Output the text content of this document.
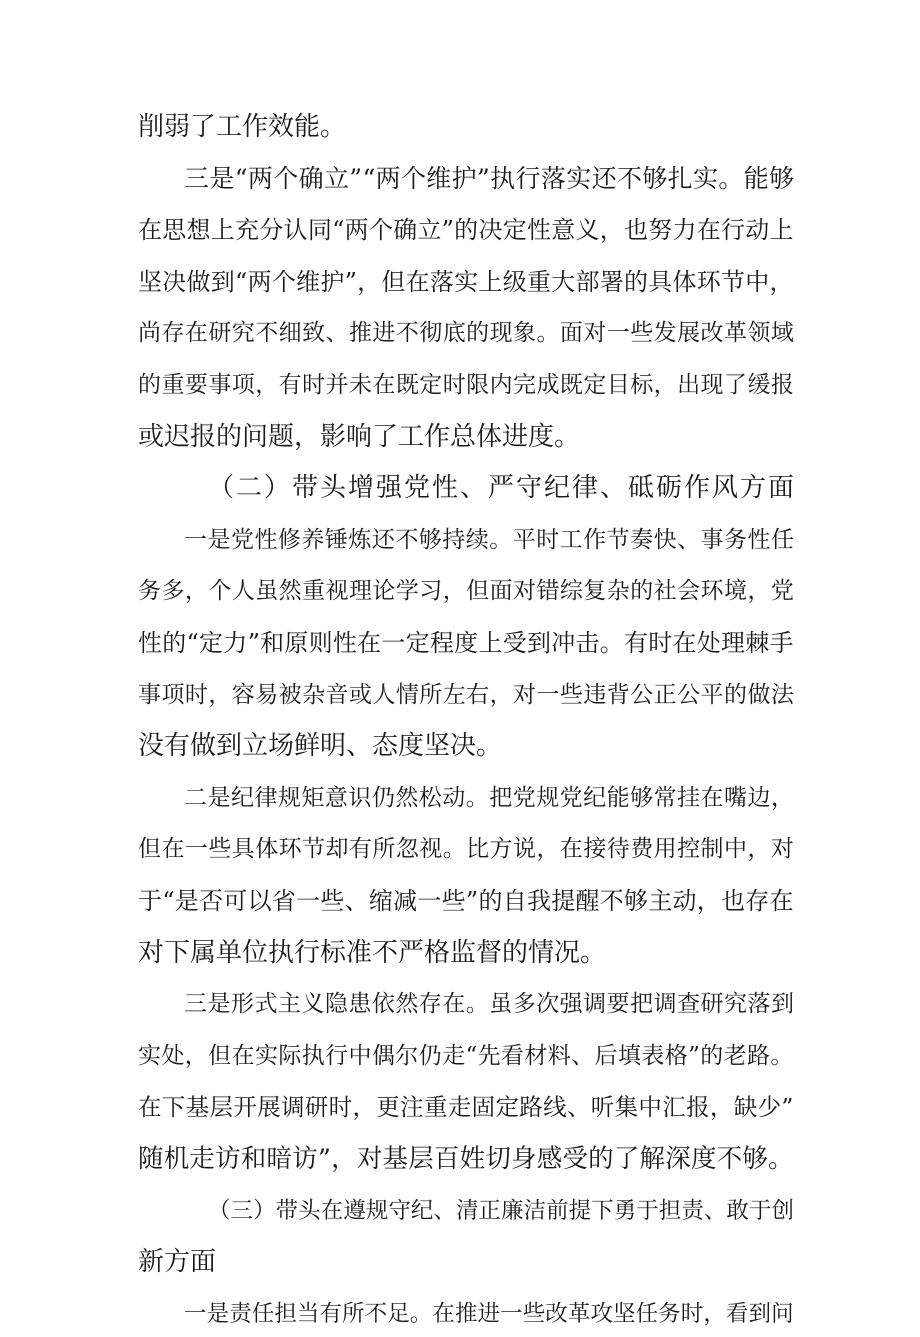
削弱了工作效能。
三是“两个确立”“两个维护”执行落实还不够扎实。能够
在思想上充分认同“两个确立”的决定性意义，也努力在行动上
坚决做到“两个维护”，但在落实上级重大部署的具体环节中，
尚存在研究不细致、推进不彻底的现象。面对一些发展改革领域
的重要事项，有时并未在既定时限内完成既定目标，出现了缓报
或迟报的问题，影响了工作总体进度。
（二）带头增强党性、严守纪律、砥砺作风方面
一是党性修养锤炼还不够持续。平时工作节奏快、事务性任
务多，个人虽然重视理论学习，但面对错综复杂的社会环境，党
性的“定力”和原则性在一定程度上受到冲击。有时在处理棘手
事项时，容易被杂音或人情所左右，对一些违背公正公平的做法
没有做到立场鲜明、态度坚决。
二是纪律规矩意识仍然松动。把党规党纪能够常挂在嘴边，
但在一些具体环节却有所忽视。比方说，在接待费用控制中，对
于“是否可以省一些、缩减一些”的自我提醒不够主动，也存在
对下属单位执行标准不严格监督的情况。
三是形式主义隐患依然存在。虽多次强调要把调查研究落到
实处，但在实际执行中偶尔仍走“先看材料、后填表格”的老路。
在下基层开展调研时，更注重走固定路线、听集中汇报，缺少”
随机走访和暗访”，对基层百姓切身感受的了解深度不够。
（三）带头在遵规守纪、清正廉洁前提下勇于担责、敢于创
新方面
一是责任担当有所不足。在推进一些改革攻坚任务时，看到问
